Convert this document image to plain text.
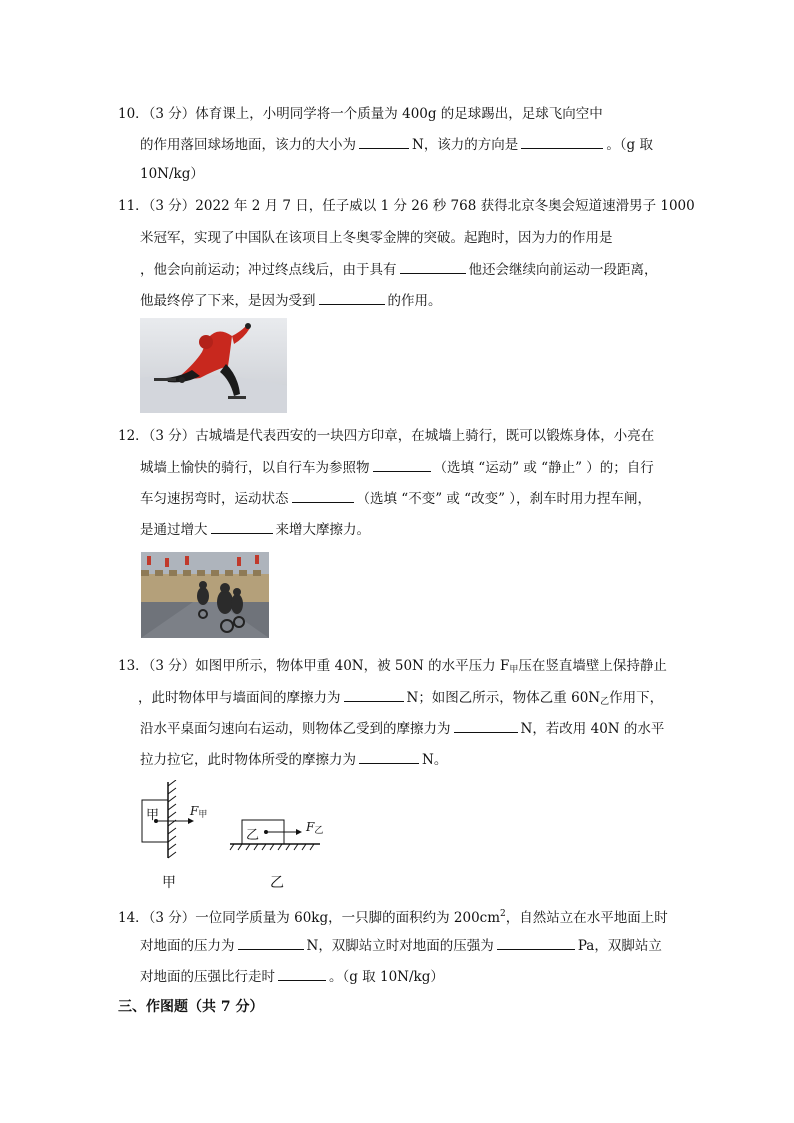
10．（3 分）体育课上，小明同学将一个质量为 400g 的足球踢出，足球飞向空中
的作用落回球场地面，该力的大小为	N，该力的方向是	。（g 取
10N/kg）
11．（3 分）2022 年 2 月 7 日，任子威以 1 分 26 秒 768 获得北京冬奥会短道速滑男子 1000
米冠军，实现了中国队在该项目上冬奥零金牌的突破。起跑时，因为力的作用是
，他会向前运动；冲过终点线后，由于具有	他还会继续向前运动一段距离，
他最终停了下来，是因为受到	的作用。
12．（3 分）古城墙是代表西安的一块四方印章，在城墙上骑行，既可以锻炼身体，小亮在
城墙上愉快的骑行，以自行车为参照物	（选填 “运动” 或 “静止” ）的；自行
车匀速拐弯时，运动状态	（选填 “不变” 或 “改变” ），刹车时用力捏车闸，
是通过增大	来增大摩擦力。
13．（3 分）如图甲所示，物体甲重 40N，被 50N 的水平压力 $F_甲$压在竖直墙壁上保持静止
，此时物体甲与墙面间的摩擦力为	N；如图乙所示，物体乙重 $60N_乙$作用下，
沿水平桌面匀速向右运动，则物体乙受到的摩擦力为	N，若改用 40N 的水平
拉力拉它，此时物体所受的摩擦力为	N。
甲	$F_甲$
乙
$F_乙$
甲	乙
14．（3 分）一位同学质量为 60kg，一只脚的面积约为 $200cm^2$，自然站立在水平地面上时
对地面的压力为	N，双脚站立时对地面的压强为	Pa，双脚站立
对地面的压强比行走时	。（g 取 10N/kg）
三、作图题（共 7 分）
